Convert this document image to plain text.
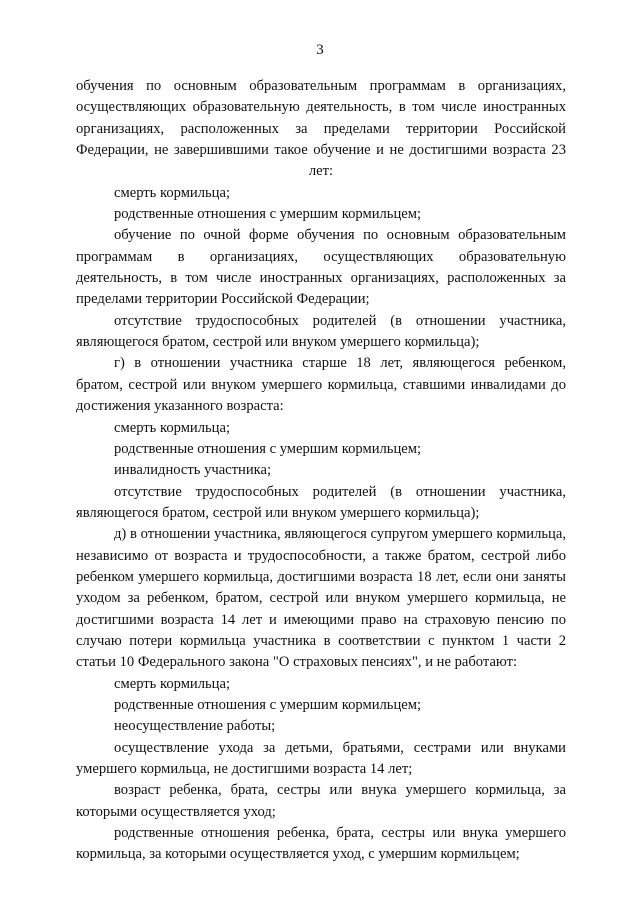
3

обучения по основным образовательным программам в организациях, осуществляющих образовательную деятельность, в том числе иностранных организациях, расположенных за пределами территории Российской Федерации, не завершившими такое обучение и не достигшими возраста 23 лет:

смерть кормильца;

родственные отношения с умершим кормильцем;

обучение по очной форме обучения по основным образовательным программам в организациях, осуществляющих образовательную деятельность, в том числе иностранных организациях, расположенных за пределами территории Российской Федерации;

отсутствие трудоспособных родителей (в отношении участника, являющегося братом, сестрой или внуком умершего кормильца);

г) в отношении участника старше 18 лет, являющегося ребенком, братом, сестрой или внуком умершего кормильца, ставшими инвалидами до достижения указанного возраста:

смерть кормильца;

родственные отношения с умершим кормильцем;

инвалидность участника;

отсутствие трудоспособных родителей (в отношении участника, являющегося братом, сестрой или внуком умершего кормильца);

д) в отношении участника, являющегося супругом умершего кормильца, независимо от возраста и трудоспособности, а также братом, сестрой либо ребенком умершего кормильца, достигшими возраста 18 лет, если они заняты уходом за ребенком, братом, сестрой или внуком умершего кормильца, не достигшими возраста 14 лет и имеющими право на страховую пенсию по случаю потери кормильца участника в соответствии с пунктом 1 части 2 статьи 10 Федерального закона "О страховых пенсиях", и не работают:

смерть кормильца;

родственные отношения с умершим кормильцем;

неосуществление работы;

осуществление ухода за детьми, братьями, сестрами или внуками умершего кормильца, не достигшими возраста 14 лет;

возраст ребенка, брата, сестры или внука умершего кормильца, за которыми осуществляется уход;

родственные отношения ребенка, брата, сестры или внука умершего кормильца, за которыми осуществляется уход, с умершим кормильцем;
